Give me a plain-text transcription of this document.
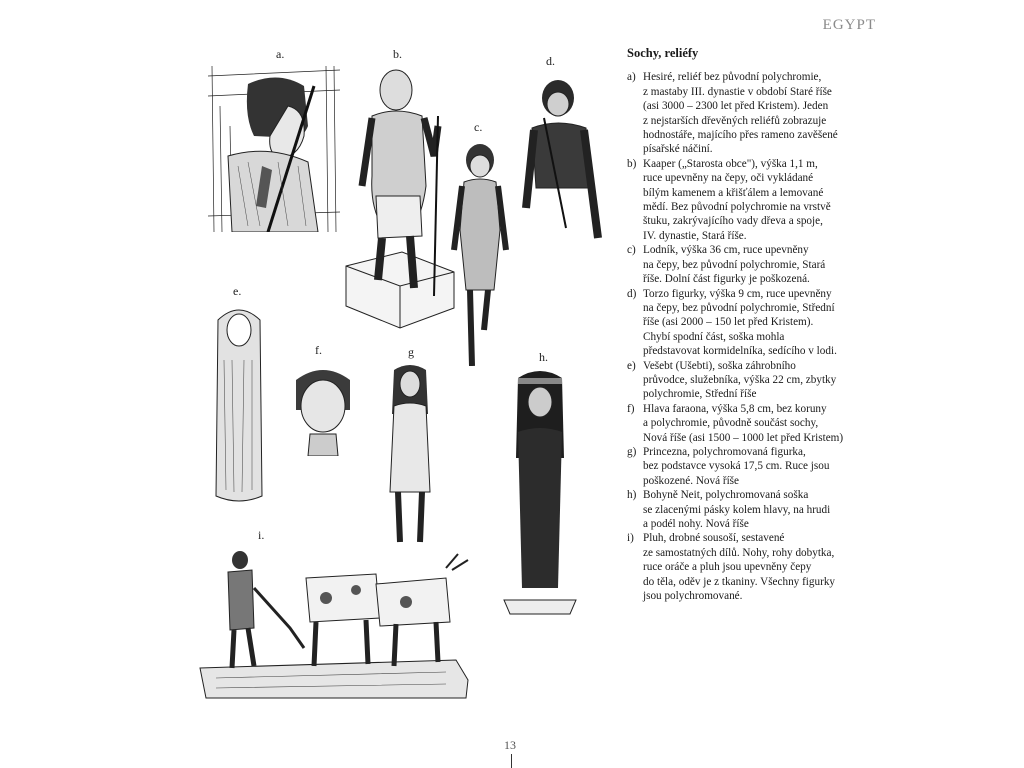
EGYPT
a.	b.
c.
d.
e.
f.	g	h.
i.
Sochy, reliéfy
a) Hesiré, reliéf bez původní polychromie,
z mastaby III. dynastie v období Staré říše
(asi 3000 – 2300 let před Kristem). Jeden
z nejstarších dřevěných reliéfů zobrazuje
hodnostáře, majícího přes rameno zavěšené
písařské náčiní.
b) Kaaper („Starosta obce"), výška 1,1 m,
ruce upevněny na čepy, oči vykládané
bílým kamenem a křišťálem a lemované
mědí. Bez původní polychromie na vrstvě
štuku, zakrývajícího vady dřeva a spoje,
IV. dynastie, Stará říše.
c) Lodník, výška 36 cm, ruce upevněny
na čepy, bez původní polychromie, Stará
říše. Dolní část figurky je poškozená.
d) Torzo figurky, výška 9 cm, ruce upevněny
na čepy, bez původní polychromie, Střední
říše (asi 2000 – 150 let před Kristem).
Chybí spodní část, soška mohla
představovat kormidelníka, sedícího v lodi.
e) Vešebt (Ušebti), soška záhrobního
průvodce, služebníka, výška 22 cm, zbytky
polychromie, Střední říše
f) Hlava faraona, výška 5,8 cm, bez koruny
a polychromie, původně součást sochy,
Nová říše (asi 1500 – 1000 let před Kristem)
g) Princezna, polychromovaná figurka,
bez podstavce vysoká 17,5 cm. Ruce jsou
poškozené. Nová říše
h) Bohyně Neit, polychromovaná soška
se zlacenými pásky kolem hlavy, na hrudi
a podél nohy. Nová říše
i) Pluh, drobné sousoší, sestavené
ze samostatných dílů. Nohy, rohy dobytka,
ruce oráče a pluh jsou upevněny čepy
do těla, oděv je z tkaniny. Všechny figurky
jsou polychromované.
13
